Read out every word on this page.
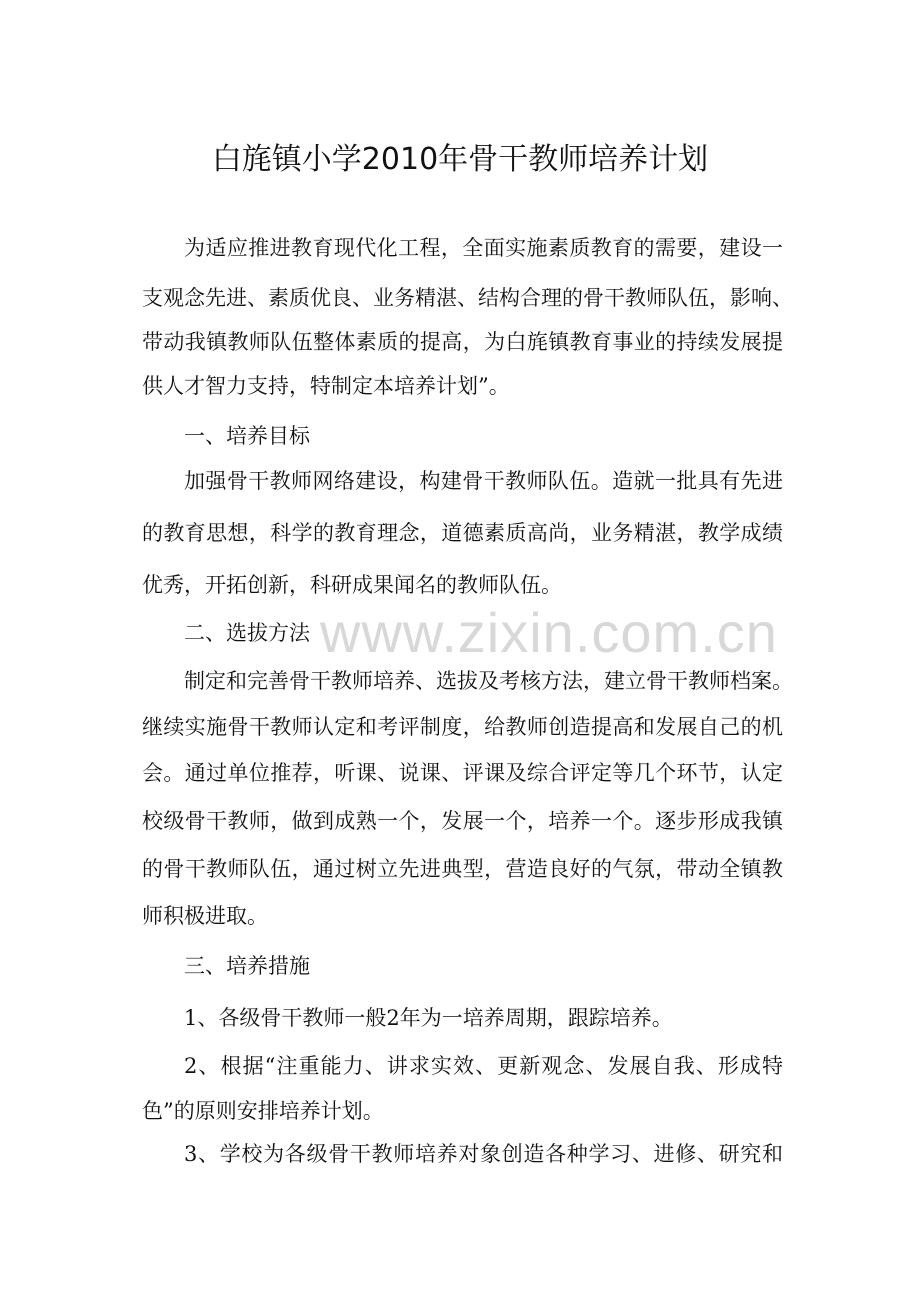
www.zixin.com.cn
白旄镇小学2010年骨干教师培养计划
为适应推进教育现代化工程，全面实施素质教育的需要，建设一
支观念先进、素质优良、业务精湛、结构合理的骨干教师队伍，影响、
带动我镇教师队伍整体素质的提高，为白旄镇教育事业的持续发展提
供人才智力支持，特制定本培养计划”。
一、培养目标
加强骨干教师网络建设，构建骨干教师队伍。造就一批具有先进
的教育思想，科学的教育理念，道德素质高尚，业务精湛，教学成绩
优秀，开拓创新，科研成果闻名的教师队伍。
二、选拔方法
制定和完善骨干教师培养、选拔及考核方法，建立骨干教师档案。
继续实施骨干教师认定和考评制度，给教师创造提高和发展自己的机
会。通过单位推荐，听课、说课、评课及综合评定等几个环节，认定
校级骨干教师，做到成熟一个，发展一个，培养一个。逐步形成我镇
的骨干教师队伍，通过树立先进典型，营造良好的气氛，带动全镇教
师积极进取。
三、培养措施
1、各级骨干教师一般2年为一培养周期，跟踪培养。
2、根据“注重能力、讲求实效、更新观念、发展自我、形成特
色”的原则安排培养计划。
3、学校为各级骨干教师培养对象创造各种学习、进修、研究和
